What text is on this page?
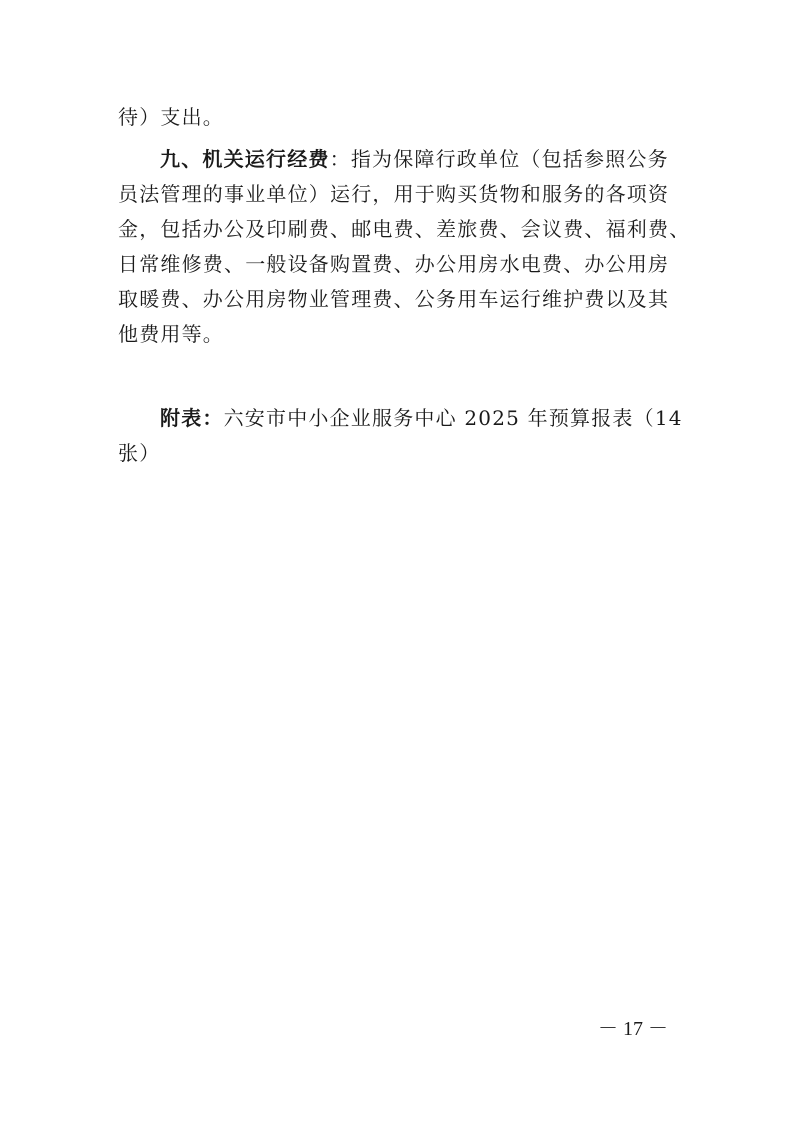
待）支出。
九、机关运行经费：指为保障行政单位（包括参照公务
员法管理的事业单位）运行，用于购买货物和服务的各项资
金，包括办公及印刷费、邮电费、差旅费、会议费、福利费、
日常维修费、一般设备购置费、办公用房水电费、办公用房
取暖费、办公用房物业管理费、公务用车运行维护费以及其
他费用等。
附表：六安市中小企业服务中心 2025 年预算报表（14
张）
－ 17 －
